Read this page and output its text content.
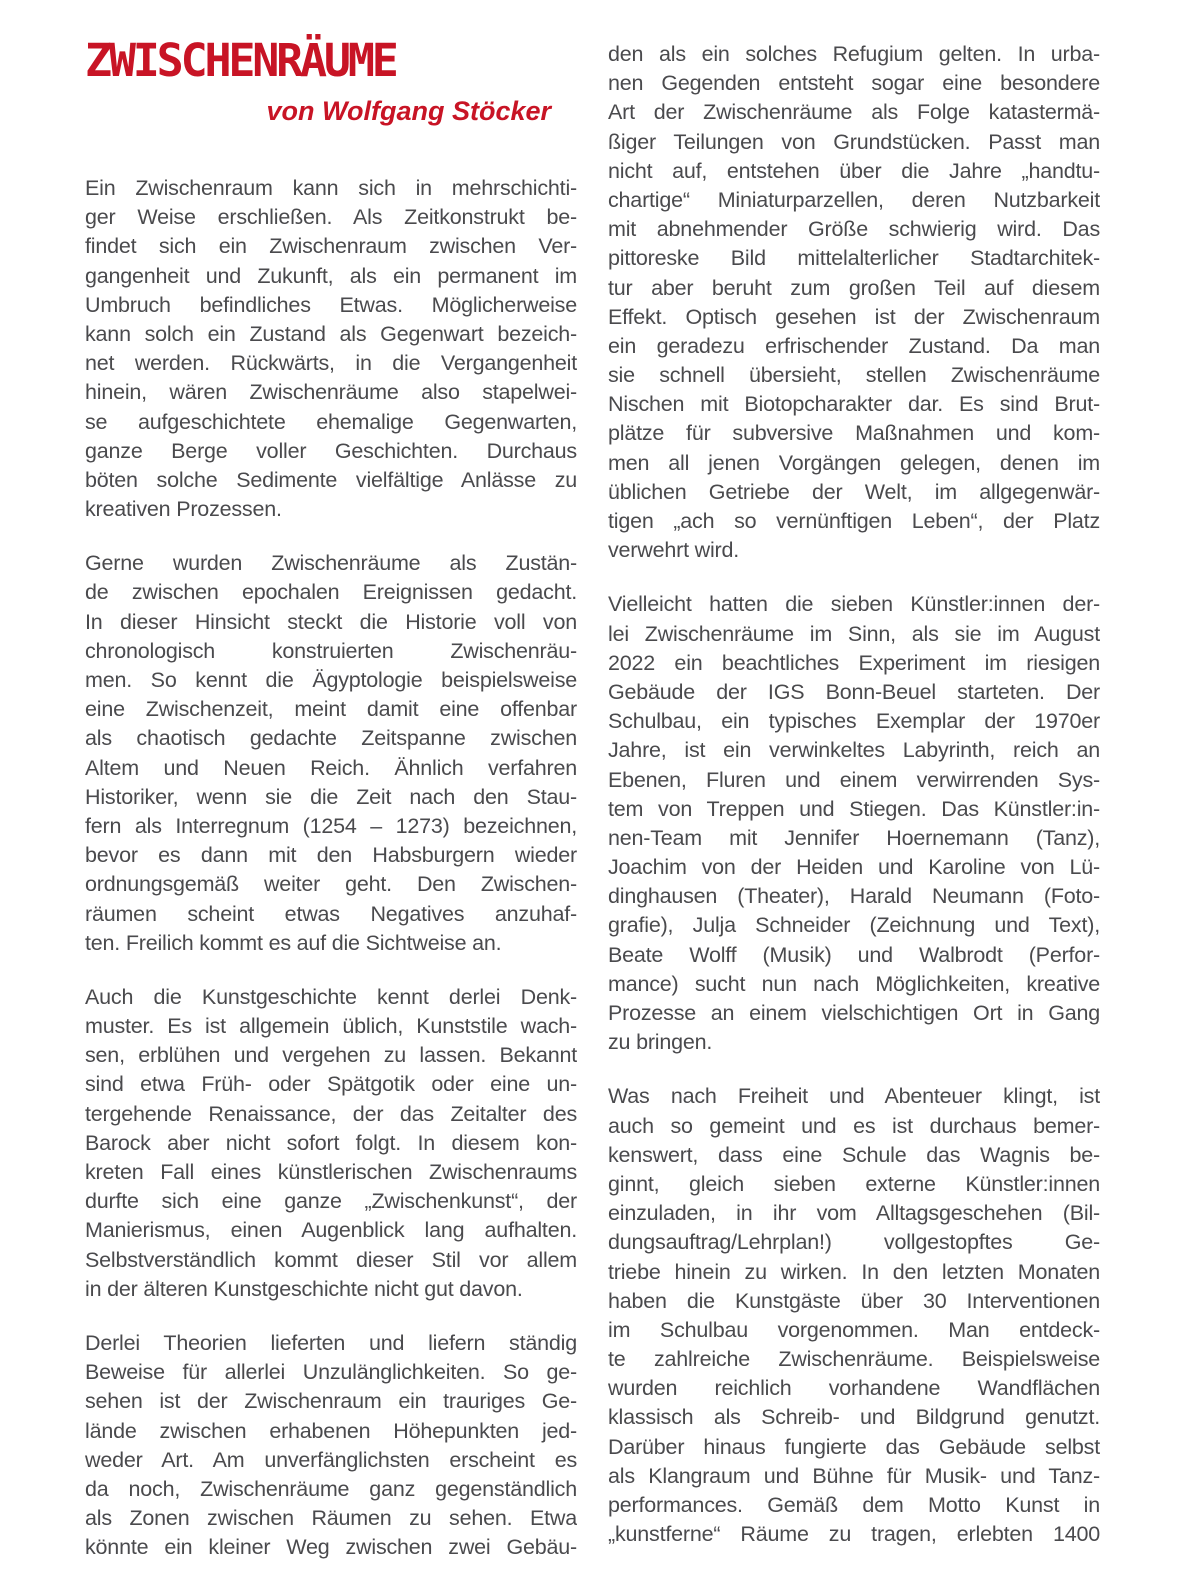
ZWISCHENRÄUME
von Wolfgang Stöcker
Ein Zwischenraum kann sich in mehrschichti-
ger Weise erschließen. Als Zeitkonstrukt be-
findet sich ein Zwischenraum zwischen Ver-
gangenheit und Zukunft, als ein permanent im
Umbruch befindliches Etwas. Möglicherweise
kann solch ein Zustand als Gegenwart bezeich-
net werden. Rückwärts, in die Vergangenheit
hinein, wären Zwischenräume also stapelwei-
se aufgeschichtete ehemalige Gegenwarten,
ganze Berge voller Geschichten. Durchaus
böten solche Sedimente vielfältige Anlässe zu
kreativen Prozessen.
Gerne wurden Zwischenräume als Zustän-
de zwischen epochalen Ereignissen gedacht.
In dieser Hinsicht steckt die Historie voll von
chronologisch konstruierten Zwischenräu-
men. So kennt die Ägyptologie beispielsweise
eine Zwischenzeit, meint damit eine offenbar
als chaotisch gedachte Zeitspanne zwischen
Altem und Neuen Reich. Ähnlich verfahren
Historiker, wenn sie die Zeit nach den Stau-
fern als Interregnum (1254 – 1273) bezeichnen,
bevor es dann mit den Habsburgern wieder
ordnungsgemäß weiter geht. Den Zwischen-
räumen scheint etwas Negatives anzuhaf-
ten. Freilich kommt es auf die Sichtweise an.
Auch die Kunstgeschichte kennt derlei Denk-
muster. Es ist allgemein üblich, Kunststile wach-
sen, erblühen und vergehen zu lassen. Bekannt
sind etwa Früh- oder Spätgotik oder eine un-
tergehende Renaissance, der das Zeitalter des
Barock aber nicht sofort folgt. In diesem kon-
kreten Fall eines künstlerischen Zwischenraums
durfte sich eine ganze „Zwischenkunst“, der
Manierismus, einen Augenblick lang aufhalten.
Selbstverständlich kommt dieser Stil vor allem
in der älteren Kunstgeschichte nicht gut davon.
Derlei Theorien lieferten und liefern ständig
Beweise für allerlei Unzulänglichkeiten. So ge-
sehen ist der Zwischenraum ein trauriges Ge-
lände zwischen erhabenen Höhepunkten jed-
weder Art. Am unverfänglichsten erscheint es
da noch, Zwischenräume ganz gegenständlich
als Zonen zwischen Räumen zu sehen. Etwa
könnte ein kleiner Weg zwischen zwei Gebäu-
den als ein solches Refugium gelten. In urba-
nen Gegenden entsteht sogar eine besondere
Art der Zwischenräume als Folge katastermä-
ßiger Teilungen von Grundstücken. Passt man
nicht auf, entstehen über die Jahre „handtu-
chartige“ Miniaturparzellen, deren Nutzbarkeit
mit abnehmender Größe schwierig wird. Das
pittoreske Bild mittelalterlicher Stadtarchitek-
tur aber beruht zum großen Teil auf diesem
Effekt. Optisch gesehen ist der Zwischenraum
ein geradezu erfrischender Zustand. Da man
sie schnell übersieht, stellen Zwischenräume
Nischen mit Biotopcharakter dar. Es sind Brut-
plätze für subversive Maßnahmen und kom-
men all jenen Vorgängen gelegen, denen im
üblichen Getriebe der Welt, im allgegenwär-
tigen „ach so vernünftigen Leben“, der Platz
verwehrt wird.
Vielleicht hatten die sieben Künstler:innen der-
lei Zwischenräume im Sinn, als sie im August
2022 ein beachtliches Experiment im riesigen
Gebäude der IGS Bonn-Beuel starteten. Der
Schulbau, ein typisches Exemplar der 1970er
Jahre, ist ein verwinkeltes Labyrinth, reich an
Ebenen, Fluren und einem verwirrenden Sys-
tem von Treppen und Stiegen. Das Künstler:in-
nen-Team mit Jennifer Hoernemann (Tanz),
Joachim von der Heiden und Karoline von Lü-
dinghausen (Theater), Harald Neumann (Foto-
grafie), Julja Schneider (Zeichnung und Text),
Beate Wolff (Musik) und Walbrodt (Perfor-
mance) sucht nun nach Möglichkeiten, kreative
Prozesse an einem vielschichtigen Ort in Gang
zu bringen.
Was nach Freiheit und Abenteuer klingt, ist
auch so gemeint und es ist durchaus bemer-
kenswert, dass eine Schule das Wagnis be-
ginnt, gleich sieben externe Künstler:innen
einzuladen, in ihr vom Alltagsgeschehen (Bil-
dungsauftrag/Lehrplan!) vollgestopftes Ge-
triebe hinein zu wirken. In den letzten Monaten
haben die Kunstgäste über 30 Interventionen
im Schulbau vorgenommen. Man entdeck-
te zahlreiche Zwischenräume. Beispielsweise
wurden reichlich vorhandene Wandflächen
klassisch als Schreib- und Bildgrund genutzt.
Darüber hinaus fungierte das Gebäude selbst
als Klangraum und Bühne für Musik- und Tanz-
performances. Gemäß dem Motto Kunst in
„kunstferne“ Räume zu tragen, erlebten 1400
